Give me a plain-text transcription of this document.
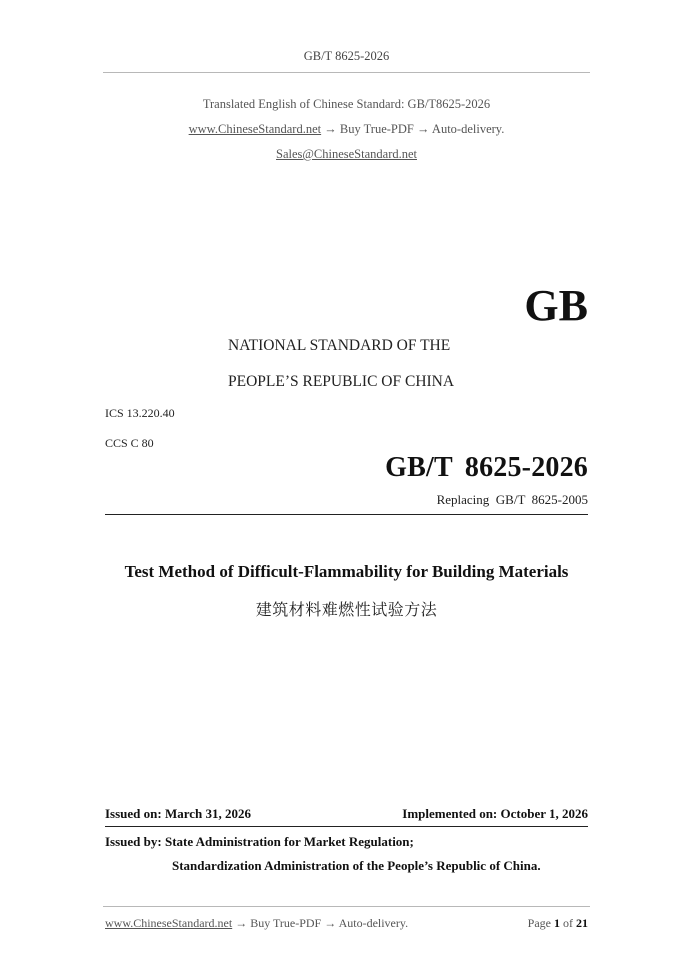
GB/T 8625-2026
Translated English of Chinese Standard: GB/T8625-2026
www.ChineseStandard.net → Buy True-PDF → Auto-delivery.
Sales@ChineseStandard.net
GB
NATIONAL STANDARD OF THE
PEOPLE’S REPUBLIC OF CHINA
ICS 13.220.40
CCS C 80
GB/T 8625-2026
Replacing  GB/T  8625-2005
Test Method of Difficult-Flammability for Building Materials
建筑材料难燃性试验方法
Issued on: March 31, 2026	Implemented on: October 1, 2026
Issued by: State Administration for Market Regulation;
Standardization Administration of the People’s Republic of China.
www.ChineseStandard.net → Buy True-PDF → Auto-delivery.	Page 1 of 21
